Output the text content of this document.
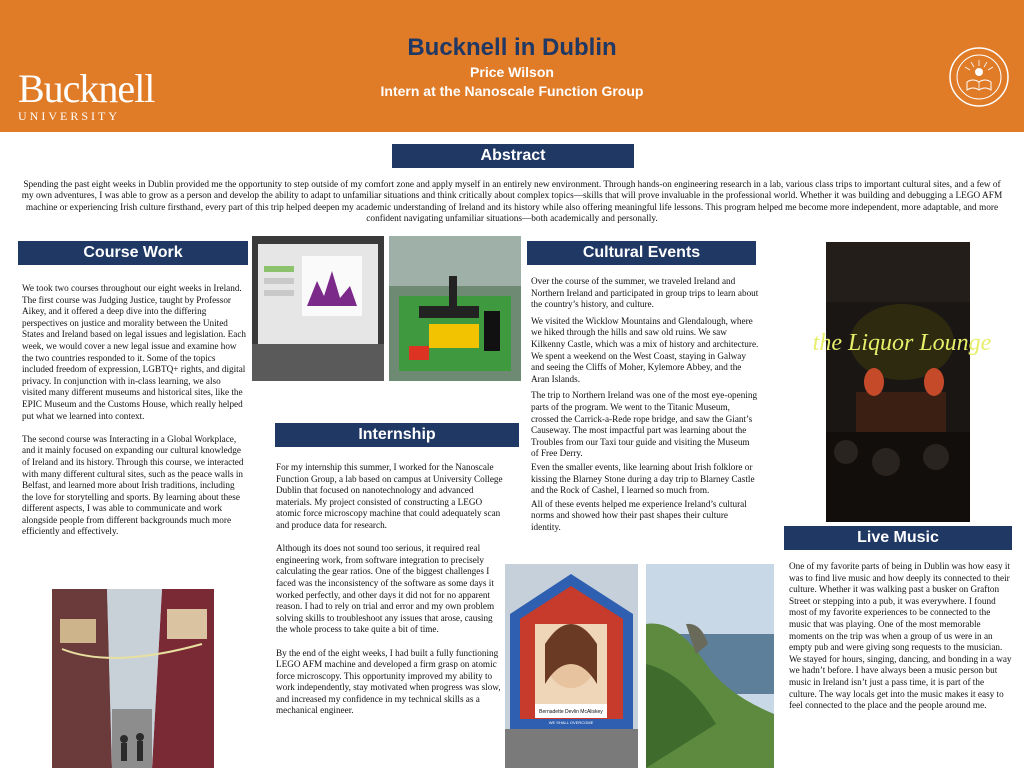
Bucknell
UNIVERSITY
Bucknell in Dublin
Price Wilson
Intern at the Nanoscale Function Group
Abstract
Spending the past eight weeks in Dublin provided me the opportunity to step outside of my comfort zone and apply myself in an entirely new environment. Through hands-on engineering research in a lab, various class trips to important cultural sites, and a few of my own adventures, I was able to grow as a person and develop the ability to adapt to unfamiliar situations and think critically about complex topics—skills that will prove invaluable in the professional world. Whether it was building and debugging a LEGO AFM machine or experiencing Irish culture firsthand, every part of this trip helped deepen my academic understanding of Ireland and its history while also offering meaningful life lessons. This program helped me become more independent, more adaptable, and more confident navigating unfamiliar situations—both academically and personally.
Course Work

We took two courses throughout our eight weeks in Ireland. The first course was Judging Justice, taught by Professor Aikey, and it offered a deep dive into the differing perspectives on justice and morality between the United States and Ireland based on legal issues and legislation. Each week, we would cover a new legal issue and examine how the two countries responded to it. Some of the topics included freedom of expression, LGBTQ+ rights, and digital privacy. In conjunction with in-class learning, we also visited many different museums and historical sites, like the EPIC Museum and the Customs House, which really helped put what we learned into context.

The second course was Interacting in a Global Workplace, and it mainly focused on expanding our cultural knowledge of Ireland and its history. Through this course, we interacted with many different cultural sites, such as the peace walls in Belfast, and learned more about Irish traditions, including the love for storytelling and sports. By learning about these different aspects, I was able to communicate and work alongside people from different backgrounds much more efficiently and effectively.

Internship

For my internship this summer, I worked for the Nanoscale Function Group, a lab based on campus at University College Dublin that focused on nanotechnology and advanced materials. My project consisted of constructing a LEGO atomic force microscopy machine that could adequately scan and produce data for research.

Although its does not sound too serious, it required real engineering work, from software integration to precisely calculating the gear ratios. One of the biggest challenges I faced was the inconsistency of the software as some days it worked perfectly, and other days it did not for no apparent reason. I had to rely on trial and error and my own problem solving skills to troubleshoot any issues that arose, causing the whole process to take quite a bit of time.

By the end of the eight weeks, I had built a fully functioning LEGO AFM machine and developed a firm grasp on atomic force microscopy. This opportunity improved my ability to work independently, stay motivated when progress was slow, and increased my confidence in my technical skills as a mechanical engineer.

Cultural Events

Over the course of the summer, we traveled Ireland and Northern Ireland and participated in group trips to learn about the country’s history, and culture.

We visited the Wicklow Mountains and Glendalough, where we hiked through the hills and saw old ruins. We saw Kilkenny Castle, which was a mix of history and architecture. We spent a weekend on the West Coast, staying in Galway and seeing the Cliffs of Moher, Kylemore Abbey, and the Aran Islands.

The trip to Northern Ireland was one of the most eye-opening parts of the program. We went to the Titanic Museum, crossed the Carrick-a-Rede rope bridge, and saw the Giant’s Causeway. The most impactful part was learning about the Troubles from our Taxi tour guide and visiting the Museum of Free Derry.

Even the smaller events, like learning about Irish folklore or kissing the Blarney Stone during a day trip to Blarney Castle and the Rock of Cashel, I learned so much from.

All of these events helped me experience Ireland’s cultural norms and showed how their past shapes their culture identity.

Bernadette Devlin McAliskey
WE SHALL OVERCOME
the Liquor Lounge
Live Music
One of my favorite parts of being in Dublin was how easy it was to find live music and how deeply its connected to their culture. Whether it was walking past a busker on Grafton Street or stepping into a pub, it was everywhere. I found most of my favorite experiences to be connected to the music that was playing. One of the most memorable moments on the trip was when a group of us were in an empty pub and were giving song requests to the musician. We stayed for hours, singing, dancing, and bonding in a way we hadn’t before. I have always been a music person but music in Ireland isn’t just a pass time, it is part of the culture. The way locals get into the music makes it easy to feel connected to the place and the people around me.
